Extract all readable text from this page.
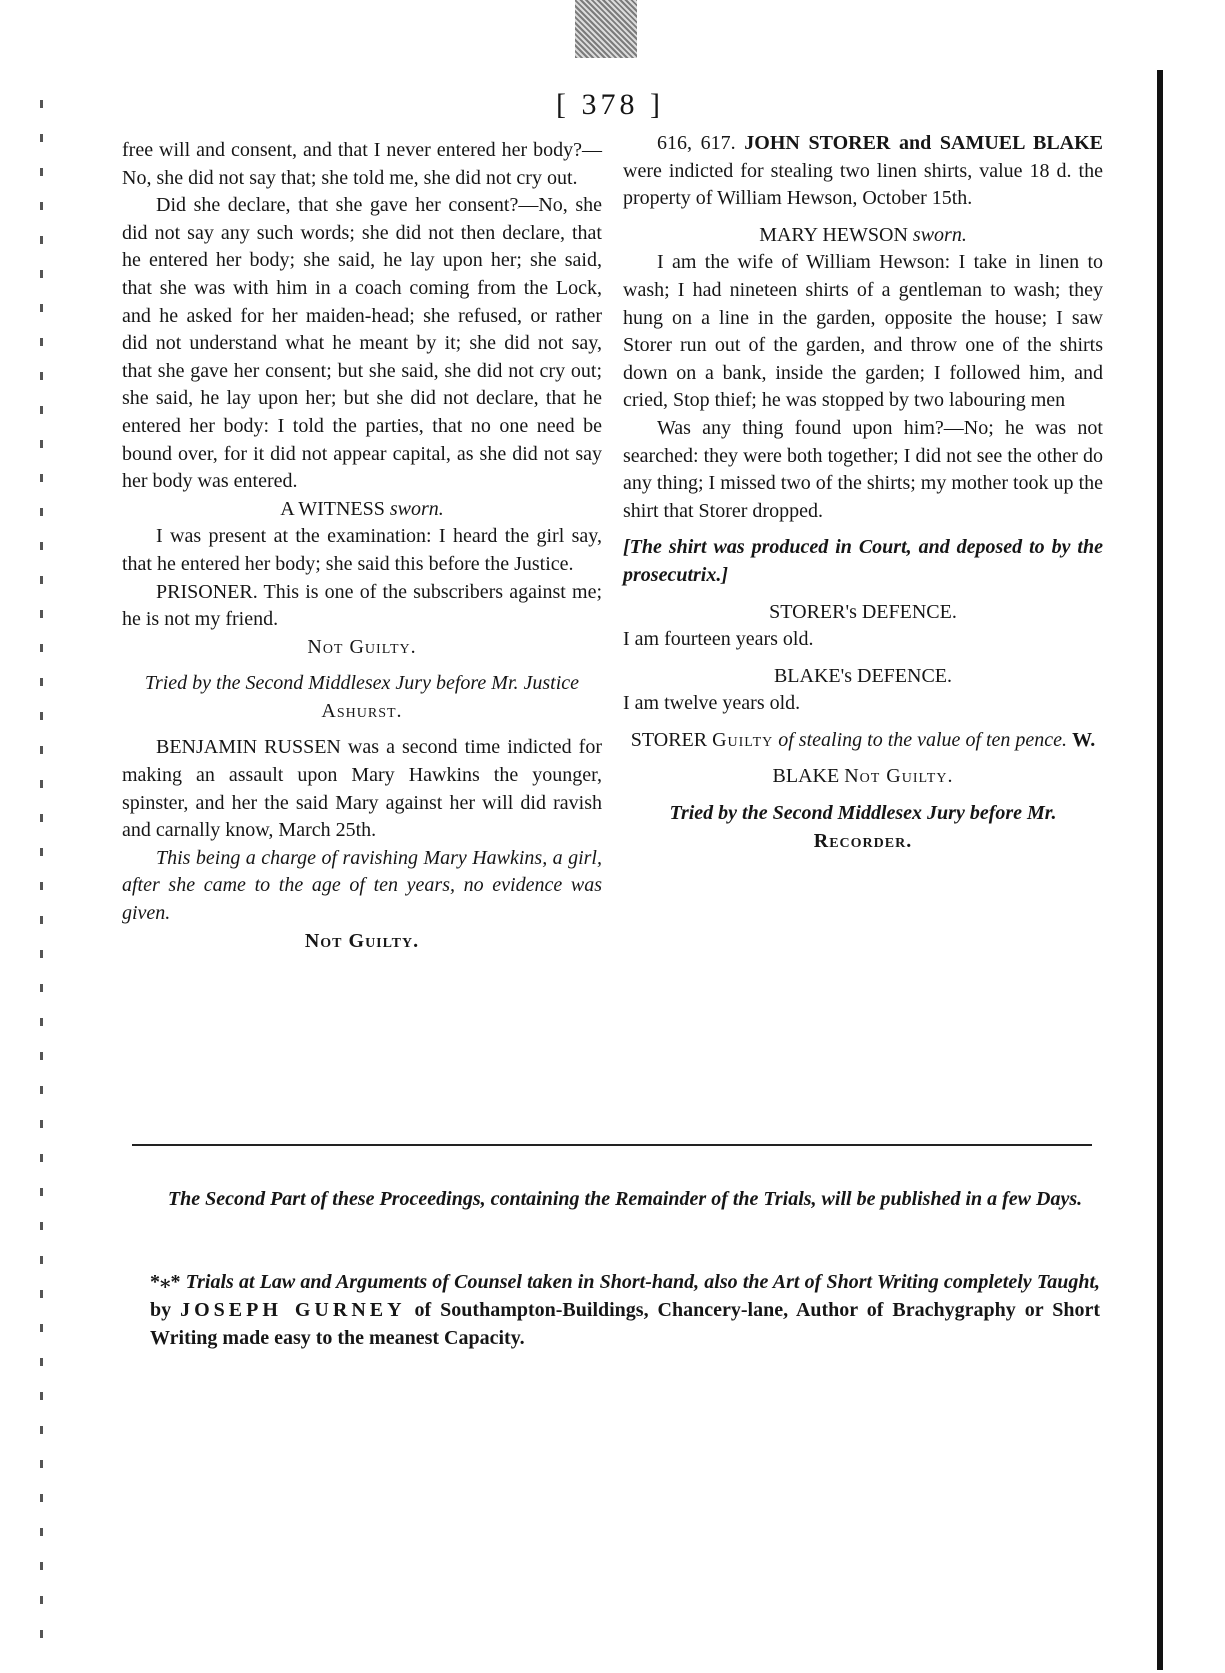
[ 378 ]

free will and consent, and that I never entered her body?—No, she did not say that; she told me, she did not cry out.

Did she declare, that she gave her consent?—No, she did not say any such words; she did not then declare, that he entered her body; she said, he lay upon her; she said, that she was with him in a coach coming from the Lock, and he asked for her maiden-head; she refused, or rather did not understand what he meant by it; she did not say, that she gave her consent; but she said, she did not cry out; she said, he lay upon her; but she did not declare, that he entered her body: I told the parties, that no one need be bound over, for it did not appear capital, as she did not say her body was entered.

A WITNESS sworn.

I was present at the examination: I heard the girl say, that he entered her body; she said this before the Justice.

PRISONER. This is one of the subscribers against me; he is not my friend.

Not Guilty.

Tried by the Second Middlesex Jury before Mr. Justice Ashurst.

BENJAMIN RUSSEN was a second time indicted for making an assault upon Mary Hawkins the younger, spinster, and her the said Mary against her will did ravish and carnally know, March 25th.

This being a charge of ravishing Mary Hawkins, a girl, after she came to the age of ten years, no evidence was given.

Not Guilty.

616, 617. JOHN STORER and SAMUEL BLAKE were indicted for stealing two linen shirts, value 18 d. the property of William Hewson, October 15th.

MARY HEWSON sworn.

I am the wife of William Hewson: I take in linen to wash; I had nineteen shirts of a gentleman to wash; they hung on a line in the garden, opposite the house; I saw Storer run out of the garden, and throw one of the shirts down on a bank, inside the garden; I followed him, and cried, Stop thief; he was stopped by two labouring men

Was any thing found upon him?—No; he was not searched: they were both together; I did not see the other do any thing; I missed two of the shirts; my mother took up the shirt that Storer dropped.

[The shirt was produced in Court, and deposed to by the prosecutrix.]

STORER's DEFENCE.

I am fourteen years old.

BLAKE's DEFENCE.

I am twelve years old.

STORER Guilty of stealing to the value of ten pence. W.

BLAKE Not Guilty.

Tried by the Second Middlesex Jury before Mr.
Recorder.

The Second Part of these Proceedings, containing the Remainder of the Trials, will be published in a few Days.
*⁎* Trials at Law and Arguments of Counsel taken in Short-hand, also the Art of Short Writing completely Taught, by JOSEPH GURNEY of Southampton-Buildings, Chancery-lane, Author of Brachygraphy or Short Writing made easy to the meanest Capacity.
